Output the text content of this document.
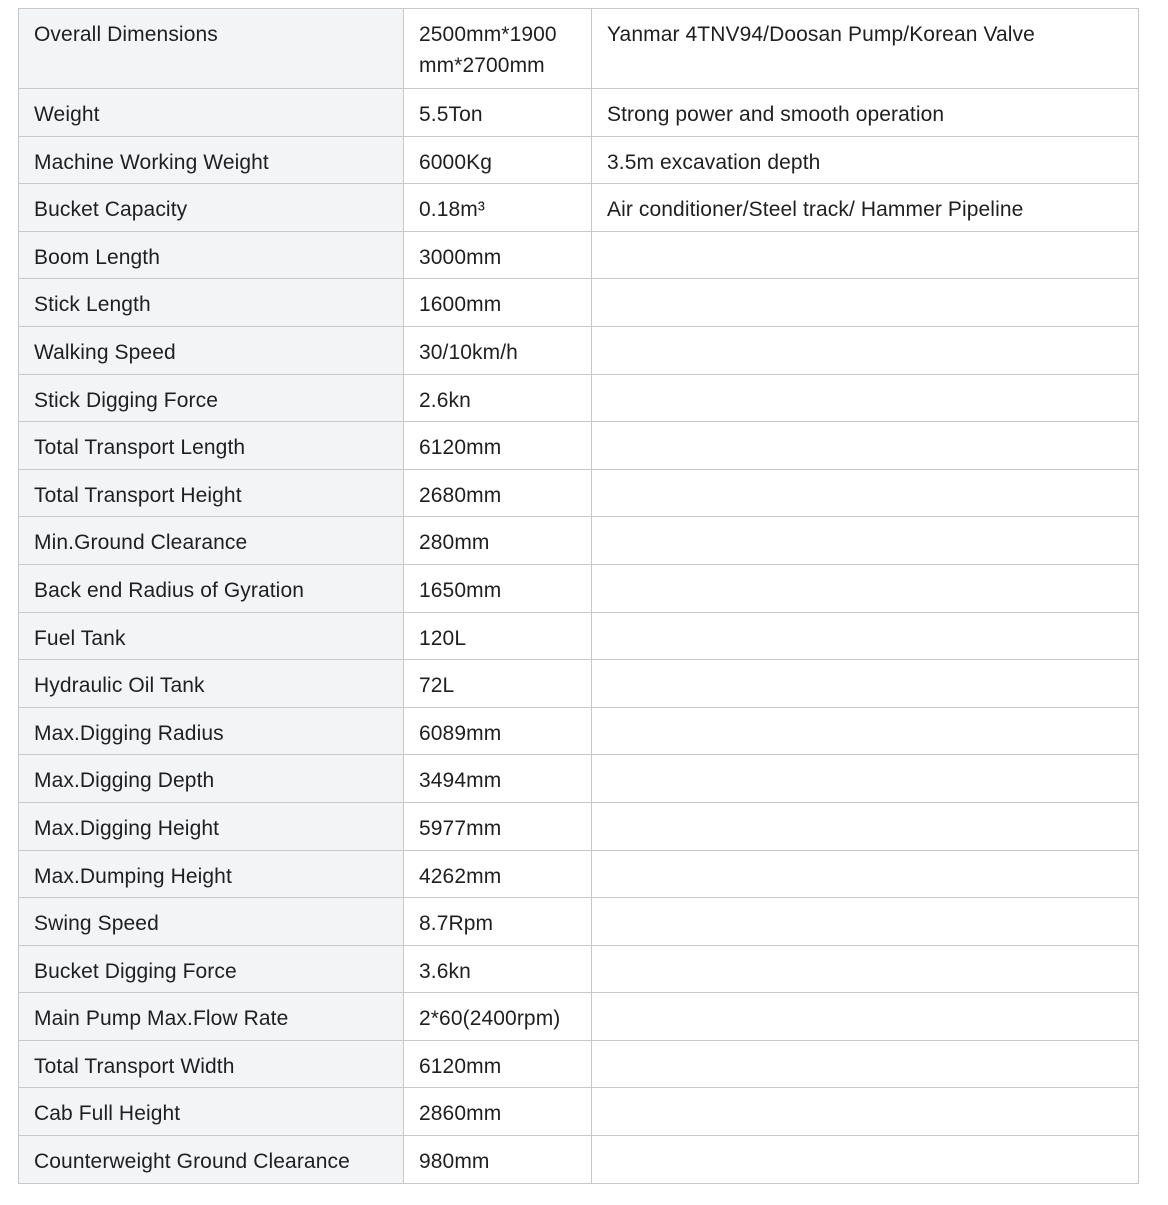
Overall Dimensions	2500mm*1900 mm*2700mm	Yanmar 4TNV94/Doosan Pump/Korean Valve
Weight	5.5Ton	Strong power and smooth operation
Machine Working Weight	6000Kg	3.5m excavation depth
Bucket Capacity	0.18m³	Air conditioner/Steel track/ Hammer Pipeline
Boom Length	3000mm	
Stick Length	1600mm	
Walking Speed	30/10km/h	
Stick Digging Force	2.6kn	
Total Transport Length	6120mm	
Total Transport Height	2680mm	
Min.Ground Clearance	280mm	
Back end Radius of Gyration	1650mm	
Fuel Tank	120L	
Hydraulic Oil Tank	72L	
Max.Digging Radius	6089mm	
Max.Digging Depth	3494mm	
Max.Digging Height	5977mm	
Max.Dumping Height	4262mm	
Swing Speed	8.7Rpm	
Bucket Digging Force	3.6kn	
Main Pump Max.Flow Rate	2*60(2400rpm)	
Total Transport Width	6120mm	
Cab Full Height	2860mm	
Counterweight Ground Clearance	980mm	
